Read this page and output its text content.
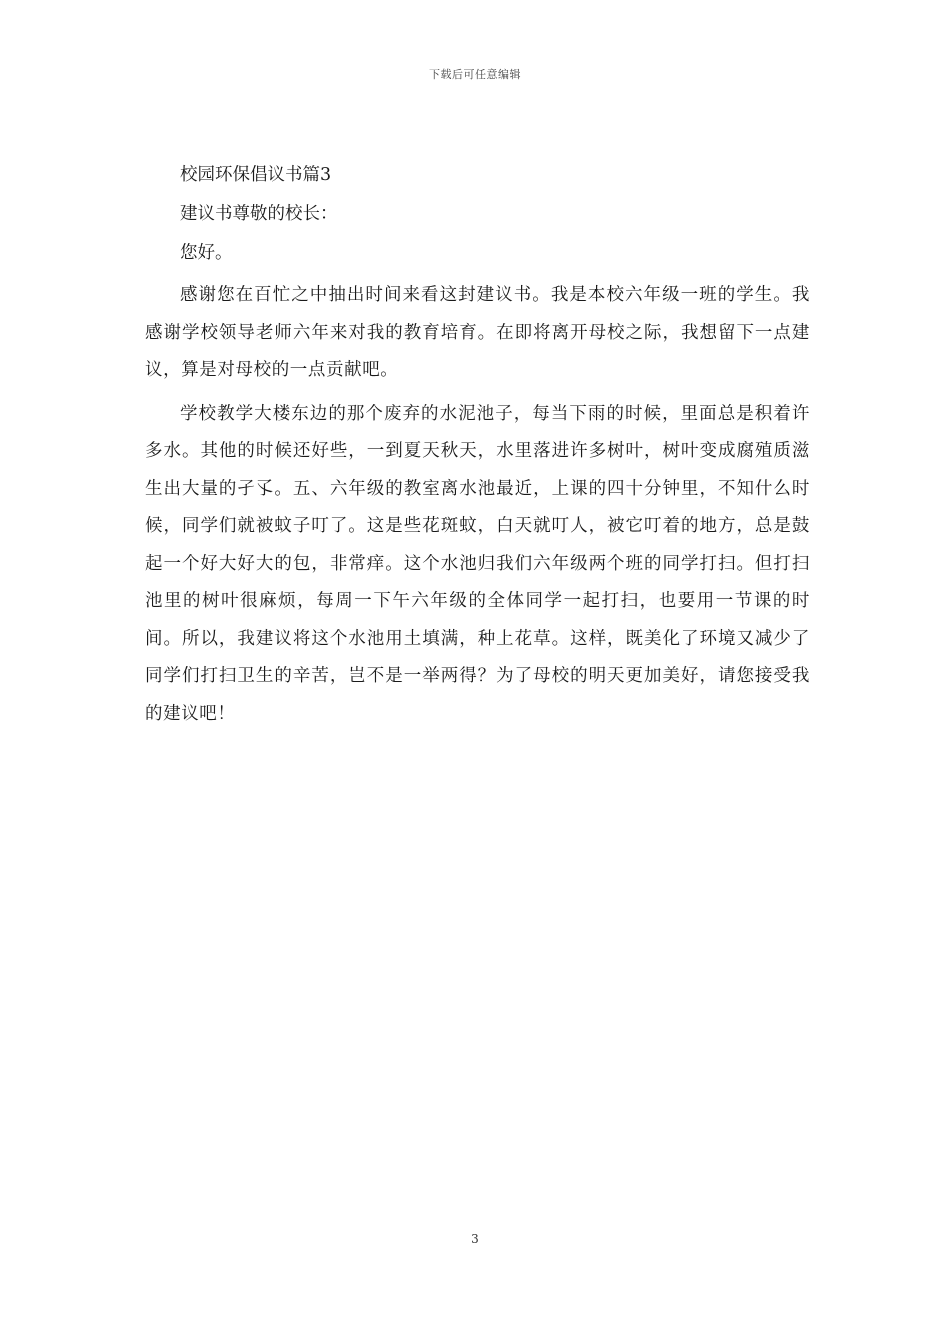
下载后可任意编辑

校园环保倡议书篇3

建议书尊敬的校长：

您好。

感谢您在百忙之中抽出时间来看这封建议书。我是本校六年级一班的学生。我感谢学校领导老师六年来对我的教育培育。在即将离开母校之际，我想留下一点建议，算是对母校的一点贡献吧。

学校教学大楼东边的那个废弃的水泥池子，每当下雨的时候，里面总是积着许多水。其他的时候还好些，一到夏天秋天，水里落进许多树叶，树叶变成腐殖质滋生出大量的孑孓。五、六年级的教室离水池最近，上课的四十分钟里，不知什么时候，同学们就被蚊子叮了。这是些花斑蚊，白天就叮人，被它叮着的地方，总是鼓起一个好大好大的包，非常痒。这个水池归我们六年级两个班的同学打扫。但打扫池里的树叶很麻烦，每周一下午六年级的全体同学一起打扫，也要用一节课的时间。所以，我建议将这个水池用土填满，种上花草。这样，既美化了环境又减少了同学们打扫卫生的辛苦，岂不是一举两得？为了母校的明天更加美好，请您接受我的建议吧！

3
